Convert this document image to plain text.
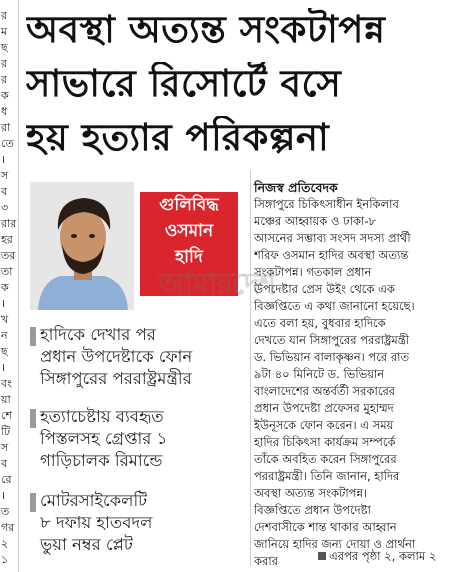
র
ম
ছ
র
র
ক
ধ
রা
তে
।
স
ব
৩
রার
হর
তর
তা
ক
।
খ
ন
ছ
।
বং
য়া
শে
টি
স
ব
রে
।
ত
গর
২
১
অবস্থা অত্যন্ত সংকটাপন্ন
সাভারে রিসোর্টে বসে
হয় হত্যার পরিকল্পনা
গুলিবিদ্ধ
ওসমান
হাদি
আমারদেশ
হাদিকে দেখার পর
প্রধান উপদেষ্টাকে ফোন
সিঙ্গাপুরের পররাষ্ট্রমন্ত্রীর
হত্যাচেষ্টায় ব্যবহৃত
পিস্তলসহ গ্রেপ্তার ১
গাড়িচালক রিমান্ডে
মোটরসাইকেলটি
৮ দফায় হাতবদল
ভুয়া নম্বর প্লেট
নিজস্ব প্রতিবেদক
সিঙ্গাপুরে চিকিৎসাধীন ইনকিলাব
মঞ্চের আহ্বায়ক ও ঢাকা-৮
আসনের সম্ভাব্য সংসদ সদস্য প্রার্থী
শরিফ ওসমান হাদির অবস্থা অত্যন্ত
সংকটাপন্ন। গতকাল প্রধান
উপদেষ্টার প্রেস উইং থেকে এক
বিজ্ঞপ্তিতে এ কথা জানানো হয়েছে।
এতে বলা হয়, বুধবার হাদিকে
দেখতে যান সিঙ্গাপুরের পররাষ্ট্রমন্ত্রী
ড. ভিভিয়ান বালাকৃষ্ণন। পরে রাত
৯টা ৪০ মিনিটে ড. ভিভিয়ান
বাংলাদেশের অন্তর্বর্তী সরকারের
প্রধান উপদেষ্টা প্রফেসর মুহাম্মদ
ইউনূসকে ফোন করেন। এ সময়
হাদির চিকিৎসা কার্যক্রম সম্পর্কে
তাঁকে অবহিত করেন সিঙ্গাপুরের
পররাষ্ট্রমন্ত্রী। তিনি জানান, হাদির
অবস্থা অত্যন্ত সংকটাপন্ন।
বিজ্ঞপ্তিতে প্রধান উপদেষ্টা
দেশবাসীকে শান্ত থাকার আহ্বান
জানিয়ে হাদির জন্য দোয়া ও প্রার্থনা
করার	এরপর পৃষ্ঠা ২, কলাম ২
